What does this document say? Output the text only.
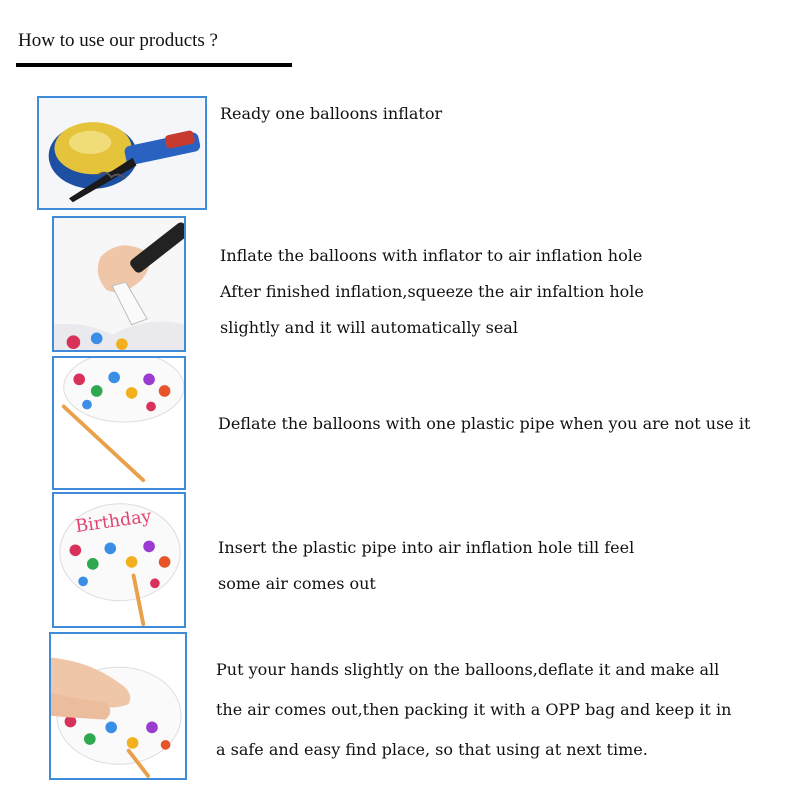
How to use our products ?
Ready one balloons inflator
Inflate the balloons with inflator to air inflation hole
After finished inflation,squeeze the air infaltion hole
slightly and it will automatically seal
Deflate the balloons with one plastic pipe when you are not use it
Birthday
Insert the plastic pipe into air inflation hole till feel
some air comes out
Put your hands slightly on the balloons,deflate it and make all
the air comes out,then packing it with a OPP bag and keep it in
a safe and easy find place, so that using at next time.
